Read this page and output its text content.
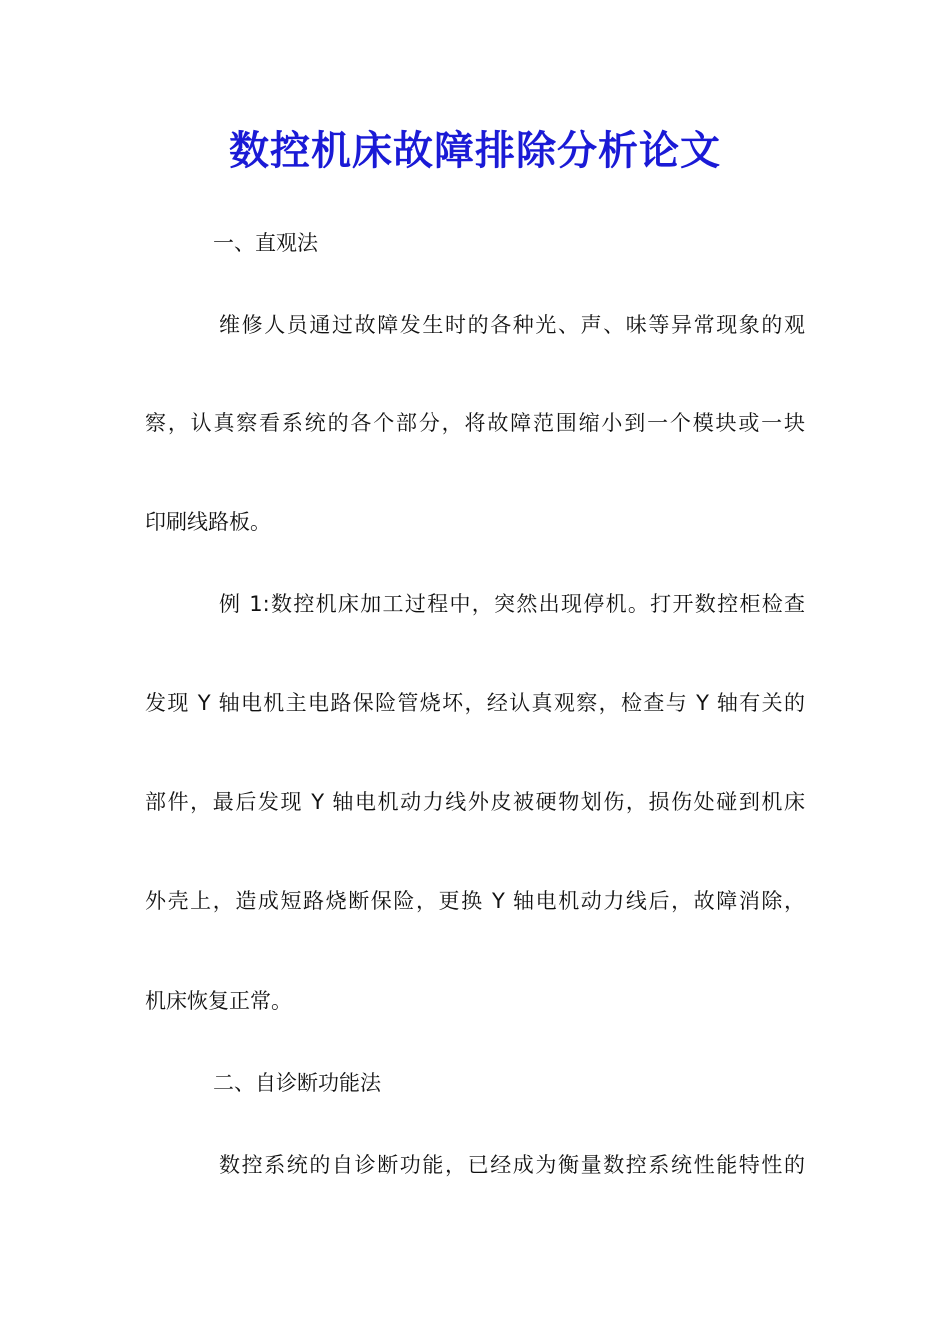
数控机床故障排除分析论文
一、直观法
维修人员通过故障发生时的各种光、声、味等异常现象的观
察，认真察看系统的各个部分，将故障范围缩小到一个模块或一块
印刷线路板。
例 1:数控机床加工过程中，突然出现停机。打开数控柜检查
发现 Y 轴电机主电路保险管烧坏，经认真观察，检查与 Y 轴有关的
部件，最后发现 Y 轴电机动力线外皮被硬物划伤，损伤处碰到机床
外壳上，造成短路烧断保险，更换 Y 轴电机动力线后，故障消除，
机床恢复正常。
二、自诊断功能法
数控系统的自诊断功能，已经成为衡量数控系统性能特性的
